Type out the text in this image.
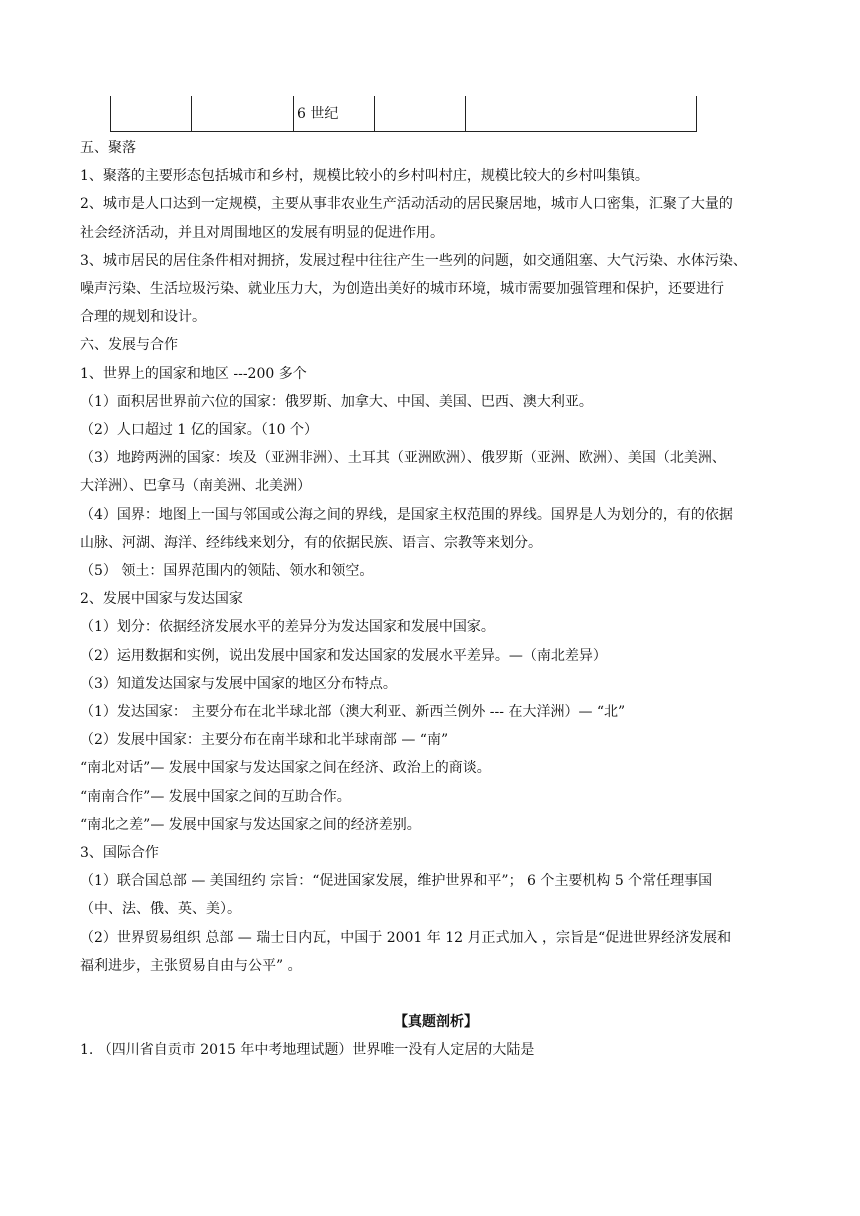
6 世纪

五、聚落

1、聚落的主要形态包括城市和乡村，规模比较小的乡村叫村庄，规模比较大的乡村叫集镇。

2、城市是人口达到一定规模，主要从事非农业生产活动活动的居民聚居地，城市人口密集，汇聚了大量的

社会经济活动，并且对周围地区的发展有明显的促进作用。

3、城市居民的居住条件相对拥挤，发展过程中往往产生一些列的问题，如交通阻塞、大气污染、水体污染、

噪声污染、生活垃圾污染、就业压力大，为创造出美好的城市环境，城市需要加强管理和保护，还要进行

合理的规划和设计。

六、发展与合作

1、世界上的国家和地区 ---200 多个

（1）面积居世界前六位的国家：俄罗斯、加拿大、中国、美国、巴西、澳大利亚。

（2）人口超过 1 亿的国家。（10 个）

（3）地跨两洲的国家：埃及（亚洲非洲）、土耳其（亚洲欧洲）、俄罗斯（亚洲、欧洲）、美国（北美洲、

大洋洲）、巴拿马（南美洲、北美洲）

（4）国界：地图上一国与邻国或公海之间的界线，是国家主权范围的界线。国界是人为划分的，有的依据

山脉、河湖、海洋、经纬线来划分，有的依据民族、语言、宗教等来划分。

（5） 领土：国界范围内的领陆、领水和领空。

2、发展中国家与发达国家

（1）划分：依据经济发展水平的差异分为发达国家和发展中国家。

（2）运用数据和实例，说出发展中国家和发达国家的发展水平差异。—（南北差异）

（3）知道发达国家与发展中国家的地区分布特点。

（1）发达国家： 主要分布在北半球北部（澳大利亚、新西兰例外 --- 在大洋洲）— “北”

（2）发展中国家：主要分布在南半球和北半球南部 — “南”

“南北对话”— 发展中国家与发达国家之间在经济、政治上的商谈。

“南南合作”— 发展中国家之间的互助合作。

“南北之差”— 发展中国家与发达国家之间的经济差别。

3、国际合作

（1）联合国总部 — 美国纽约 宗旨：“促进国家发展，维护世界和平”； 6 个主要机构 5 个常任理事国

（中、法、俄、英、美）。

（2）世界贸易组织 总部 — 瑞士日内瓦，中国于 2001 年 12 月正式加入 ，宗旨是“促进世界经济发展和

福利进步，主张贸易自由与公平” 。

【真题剖析】

1. （四川省自贡市 2015 年中考地理试题）世界唯一没有人定居的大陆是
